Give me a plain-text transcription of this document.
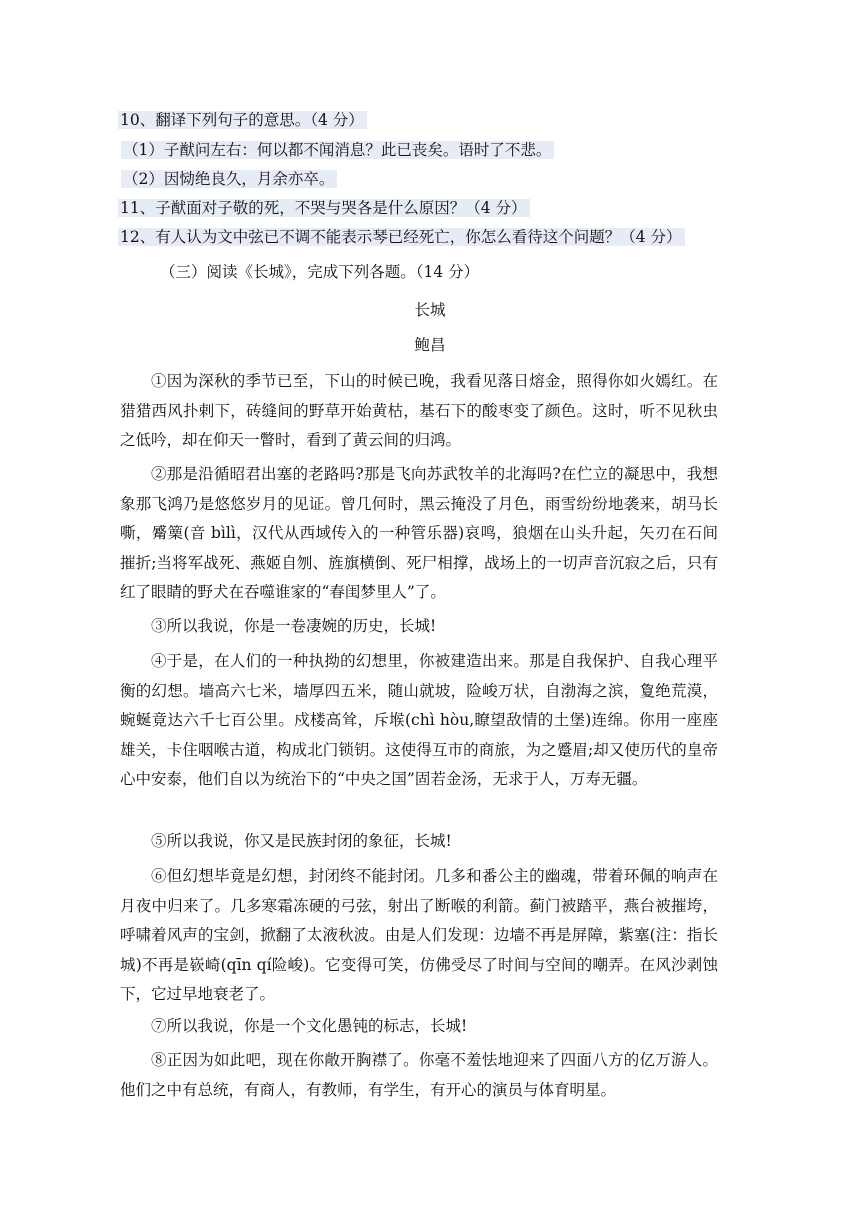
10、翻译下列句子的意思。（4 分）
（1）子猷问左右：何以都不闻消息？此已丧矣。语时了不悲。
（2）因恸绝良久，月余亦卒。
11、子猷面对子敬的死，不哭与哭各是什么原因？（4 分）
12、有人认为文中弦已不调不能表示琴已经死亡，你怎么看待这个问题？（4 分）
（三）阅读《长城》，完成下列各题。（14 分）
长城
鲍昌

①因为深秋的季节已至，下山的时候已晚，我看见落日熔金，照得你如火嫣红。在猎猎西风扑剌下，砖缝间的野草开始黄枯，基石下的酸枣变了颜色。这时，听不见秋虫之低吟，却在仰天一瞥时，看到了黄云间的归鸿。

②那是沿循昭君出塞的老路吗?那是飞向苏武牧羊的北海吗?在伫立的凝思中，我想象那飞鸿乃是悠悠岁月的见证。曾几何时，黑云掩没了月色，雨雪纷纷地袭来，胡马长嘶，觱篥(音 bìlì，汉代从西域传入的一种管乐器)哀鸣，狼烟在山头升起，矢刃在石间摧折;当将军战死、燕姬自刎、旌旗横倒、死尸相撑，战场上的一切声音沉寂之后，只有红了眼睛的野犬在吞噬谁家的“春闺梦里人”了。

③所以我说，你是一卷凄婉的历史，长城!

④于是，在人们的一种执拗的幻想里，你被建造出来。那是自我保护、自我心理平衡的幻想。墙高六七米，墙厚四五米，随山就坡，险峻万状，自渤海之滨，夐绝荒漠，蜿蜒竟达六千七百公里。戍楼高耸，斥堠(chì hòu,瞭望敌情的土堡)连绵。你用一座座雄关，卡住咽喉古道，构成北门锁钥。这使得互市的商旅，为之蹙眉;却又使历代的皇帝心中安泰，他们自以为统治下的“中央之国”固若金汤，无求于人，万寿无疆。

⑤所以我说，你又是民族封闭的象征，长城!

⑥但幻想毕竟是幻想，封闭终不能封闭。几多和番公主的幽魂，带着环佩的响声在月夜中归来了。几多寒霜冻硬的弓弦，射出了断喉的利箭。蓟门被踏平，燕台被摧垮，呼啸着风声的宝剑，掀翻了太液秋波。由是人们发现：边墙不再是屏障，紫塞(注：指长城)不再是嵚崎(qīn qí险峻)。它变得可笑，仿佛受尽了时间与空间的嘲弄。在风沙剥蚀下，它过早地衰老了。

⑦所以我说，你是一个文化愚钝的标志，长城!

⑧正因为如此吧，现在你敞开胸襟了。你毫不羞怯地迎来了四面八方的亿万游人。他们之中有总统，有商人，有教师，有学生，有开心的演员与体育明星。
